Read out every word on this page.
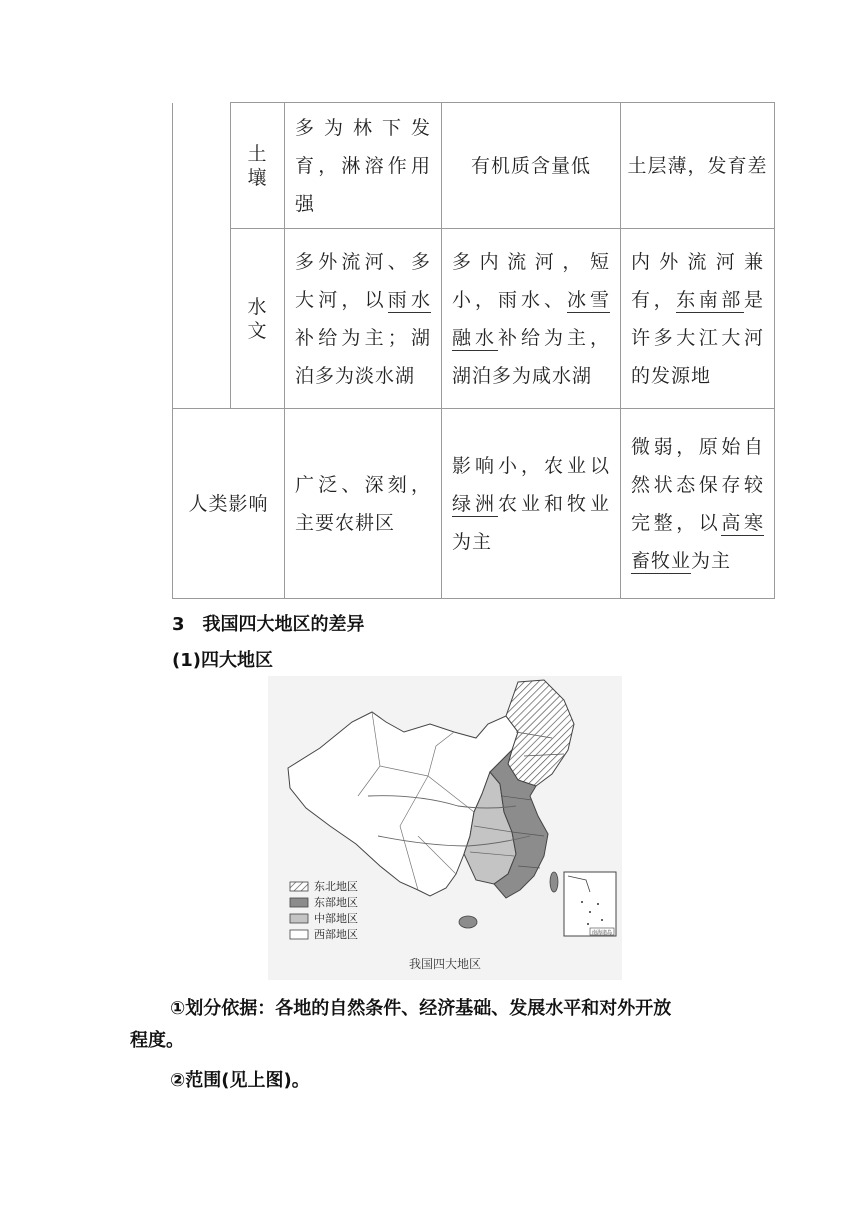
	土壤	多为林下发育，淋溶作用强	有机质含量低	土层薄，发育差

	水文	多外流河、多大河，以雨水补给为主；湖泊多为淡水湖	多内流河，短小，雨水、冰雪融水补给为主，湖泊多为咸水湖	内外流河兼有，东南部是许多大江大河的发源地
人类影响		广泛、深刻，主要农耕区	影响小，农业以绿洲农业和牧业为主	微弱，原始自然状态保存较完整，以高寒畜牧业为主
3　我国四大地区的差异
(1)四大地区
南海诸岛
东北地区
东部地区
中部地区
西部地区
我国四大地区
①划分依据：各地的自然条件、经济基础、发展水平和对外开放
程度。
②范围(见上图)。
